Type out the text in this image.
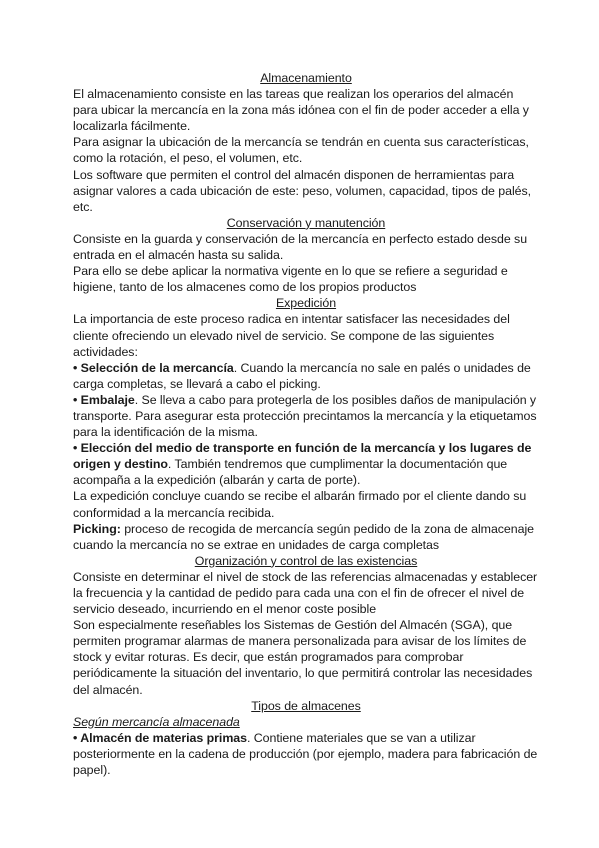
Almacenamiento

El almacenamiento consiste en las tareas que realizan los operarios del almacén para ubicar la mercancía en la zona más idónea con el fin de poder acceder a ella y localizarla fácilmente.

Para asignar la ubicación de la mercancía se tendrán en cuenta sus características, como la rotación, el peso, el volumen, etc.

Los software que permiten el control del almacén disponen de herramientas para asignar valores a cada ubicación de este: peso, volumen, capacidad, tipos de palés, etc.

Conservación y manutención

Consiste en la guarda y conservación de la mercancía en perfecto estado desde su entrada en el almacén hasta su salida.

Para ello se debe aplicar la normativa vigente en lo que se refiere a seguridad e higiene, tanto de los almacenes como de los propios productos

Expedición

La importancia de este proceso radica en intentar satisfacer las necesidades del cliente ofreciendo un elevado nivel de servicio. Se compone de las siguientes actividades:

• Selección de la mercancía. Cuando la mercancía no sale en palés o unidades de carga completas, se llevará a cabo el picking.

• Embalaje. Se lleva a cabo para protegerla de los posibles daños de manipulación y transporte. Para asegurar esta protección precintamos la mercancía y la etiquetamos para la identificación de la misma.

• Elección del medio de transporte en función de la mercancía y los lugares de origen y destino. También tendremos que cumplimentar la documentación que acompaña a la expedición (albarán y carta de porte).

La expedición concluye cuando se recibe el albarán firmado por el cliente dando su conformidad a la mercancía recibida.

Picking: proceso de recogida de mercancía según pedido de la zona de almacenaje cuando la mercancía no se extrae en unidades de carga completas

Organización y control de las existencias

Consiste en determinar el nivel de stock de las referencias almacenadas y establecer la frecuencia y la cantidad de pedido para cada una con el fin de ofrecer el nivel de servicio deseado, incurriendo en el menor coste posible

Son especialmente reseñables los Sistemas de Gestión del Almacén (SGA), que permiten programar alarmas de manera personalizada para avisar de los límites de stock y evitar roturas. Es decir, que están programados para comprobar periódicamente la situación del inventario, lo que permitirá controlar las necesidades del almacén.

Tipos de almacenes

Según mercancía almacenada

• Almacén de materias primas. Contiene materiales que se van a utilizar posteriormente en la cadena de producción (por ejemplo, madera para fabricación de papel).
